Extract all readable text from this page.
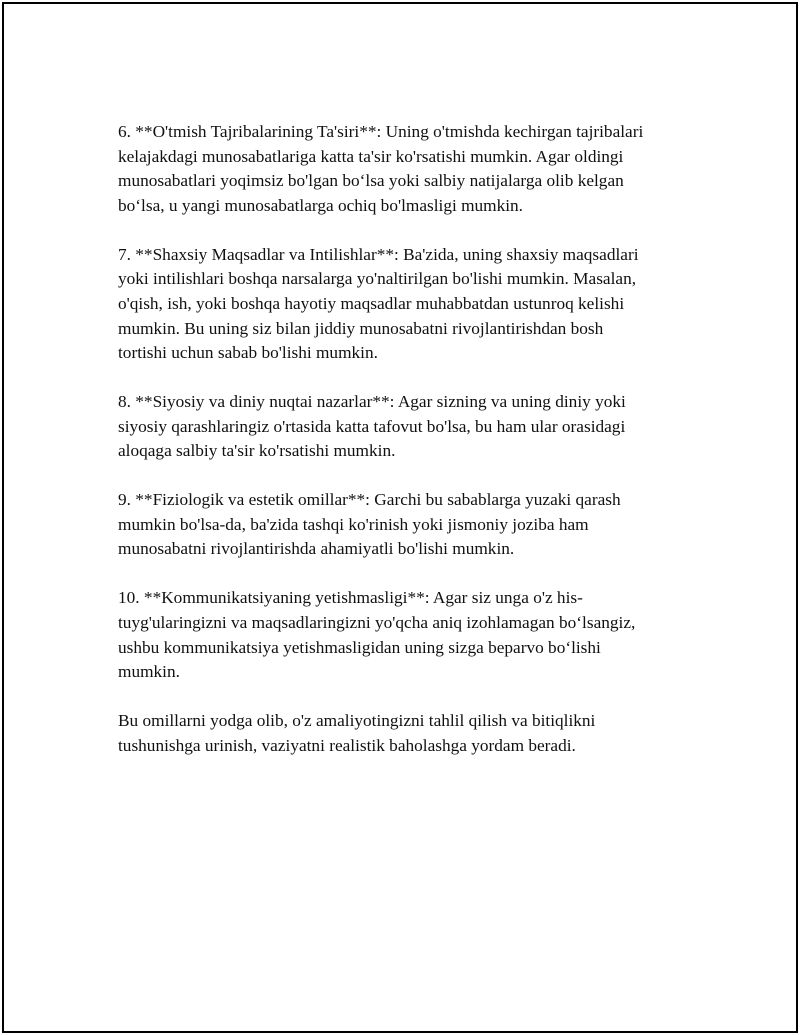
6. **O'tmish Tajribalarining Ta'siri**: Uning o'tmishda kechirgan tajribalari
kelajakdagi munosabatlariga katta ta'sir ko'rsatishi mumkin. Agar oldingi
munosabatlari yoqimsiz bo'lgan bo‘lsa yoki salbiy natijalarga olib kelgan
bo‘lsa, u yangi munosabatlarga ochiq bo'lmasligi mumkin.

7. **Shaxsiy Maqsadlar va Intilishlar**: Ba'zida, uning shaxsiy maqsadlari
yoki intilishlari boshqa narsalarga yo'naltirilgan bo'lishi mumkin. Masalan,
o'qish, ish, yoki boshqa hayotiy maqsadlar muhabbatdan ustunroq kelishi
mumkin. Bu uning siz bilan jiddiy munosabatni rivojlantirishdan bosh
tortishi uchun sabab bo'lishi mumkin.

8. **Siyosiy va diniy nuqtai nazarlar**: Agar sizning va uning diniy yoki
siyosiy qarashlaringiz o'rtasida katta tafovut bo'lsa, bu ham ular orasidagi
aloqaga salbiy ta'sir ko'rsatishi mumkin.

9. **Fiziologik va estetik omillar**: Garchi bu sabablarga yuzaki qarash
mumkin bo'lsa-da, ba'zida tashqi ko'rinish yoki jismoniy joziba ham
munosabatni rivojlantirishda ahamiyatli bo'lishi mumkin.

10. **Kommunikatsiyaning yetishmasligi**: Agar siz unga o'z his-
tuyg'ularingizni va maqsadlaringizni yo'qcha aniq izohlamagan bo‘lsangiz,
ushbu kommunikatsiya yetishmasligidan uning sizga beparvo bo‘lishi
mumkin.

Bu omillarni yodga olib, o'z amaliyotingizni tahlil qilish va bitiqlikni
tushunishga urinish, vaziyatni realistik baholashga yordam beradi.
